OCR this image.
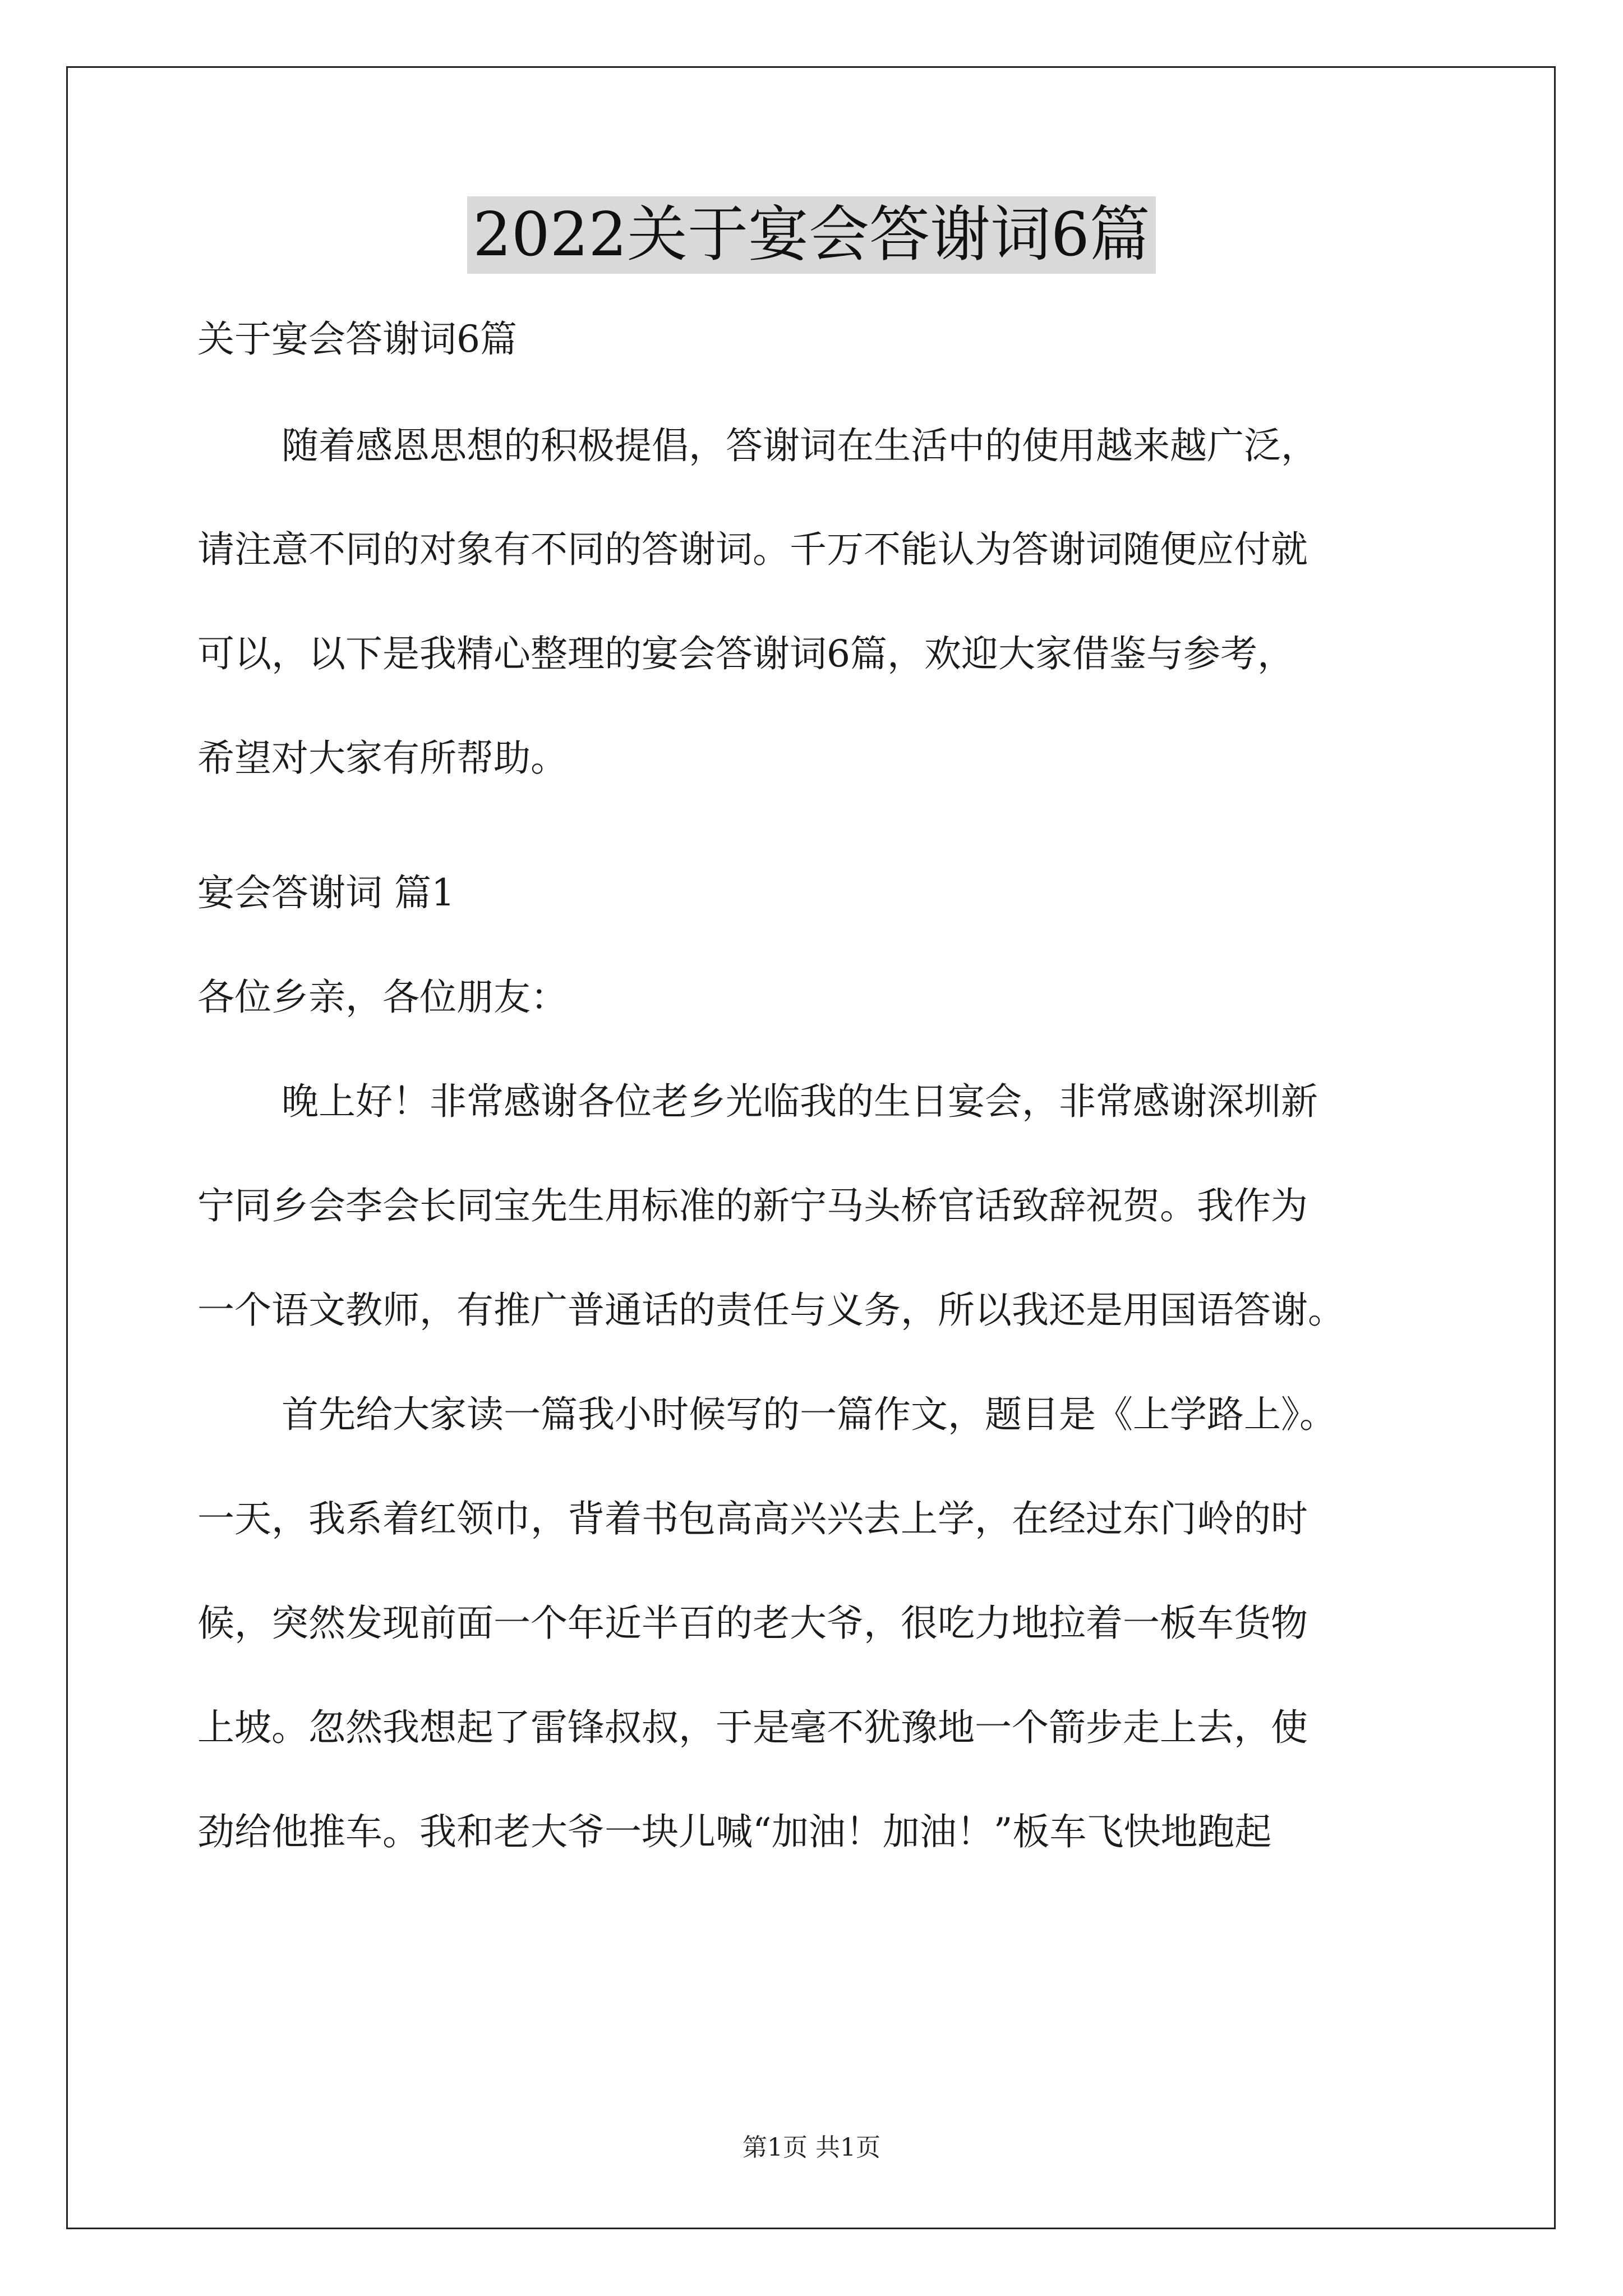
2022关于宴会答谢词6篇
关于宴会答谢词6篇
随着感恩思想的积极提倡，答谢词在生活中的使用越来越广泛，
请注意不同的对象有不同的答谢词。千万不能认为答谢词随便应付就
可以，以下是我精心整理的宴会答谢词6篇，欢迎大家借鉴与参考，
希望对大家有所帮助。
宴会答谢词 篇1
各位乡亲，各位朋友：
晚上好！非常感谢各位老乡光临我的生日宴会，非常感谢深圳新
宁同乡会李会长同宝先生用标准的新宁马头桥官话致辞祝贺。我作为
一个语文教师，有推广普通话的责任与义务，所以我还是用国语答谢。
首先给大家读一篇我小时候写的一篇作文，题目是《上学路上》。
一天，我系着红领巾，背着书包高高兴兴去上学，在经过东门岭的时
候，突然发现前面一个年近半百的老大爷，很吃力地拉着一板车货物
上坡。忽然我想起了雷锋叔叔，于是毫不犹豫地一个箭步走上去，使
劲给他推车。我和老大爷一块儿喊“加油！加油！”板车飞快地跑起
第1页 共1页
